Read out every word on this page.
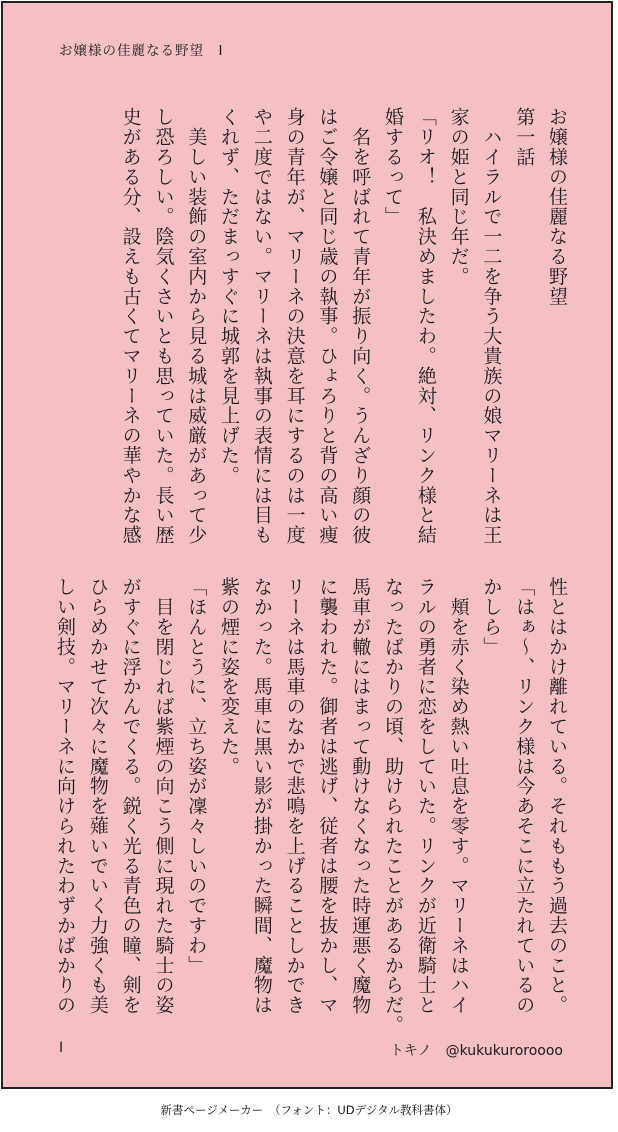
お嬢様の佳麗なる野望　Ⅰ
お嬢様の佳麗なる野望
第一話
　ハイラルで一二を争う大貴族の娘マリーネは王
家の姫と同じ年だ。
「リオ！　私決めましたわ。絶対、リンク様と結
婚するって」
　名を呼ばれて青年が振り向く。うんざり顔の彼
はご令嬢と同じ歳の執事。ひょろりと背の高い痩
身の青年が、マリーネの決意を耳にするのは一度
や二度ではない。マリーネは執事の表情には目も
くれず、ただまっすぐに城郭を見上げた。
　美しい装飾の室内から見る城は威厳があって少
し恐ろしい。陰気くさいとも思っていた。長い歴
史がある分、設えも古くてマリーネの華やかな感
性とはかけ離れている。それももう過去のこと。
「はぁ〜、リンク様は今あそこに立たれているの
かしら」
　頬を赤く染め熱い吐息を零す。マリーネはハイ
ラルの勇者に恋をしていた。リンクが近衛騎士と
なったばかりの頃、助けられたことがあるからだ。
馬車が轍にはまって動けなくなった時運悪く魔物
に襲われた。御者は逃げ、従者は腰を抜かし、マ
リーネは馬車のなかで悲鳴を上げることしかでき
なかった。馬車に黒い影が掛かった瞬間、魔物は
紫の煙に姿を変えた。
「ほんとうに、立ち姿が凜々しいのですわ」
　目を閉じれば紫煙の向こう側に現れた騎士の姿
がすぐに浮かんでくる。鋭く光る青色の瞳、剣を
ひらめかせて次々に魔物を薙いでいく力強くも美
しい剣技。マリーネに向けられたわずかばかりの
Ⅰ	トキノ　@kukukuroroooo
新書ページメーカー　（フォント：UDデジタル教科書体）
